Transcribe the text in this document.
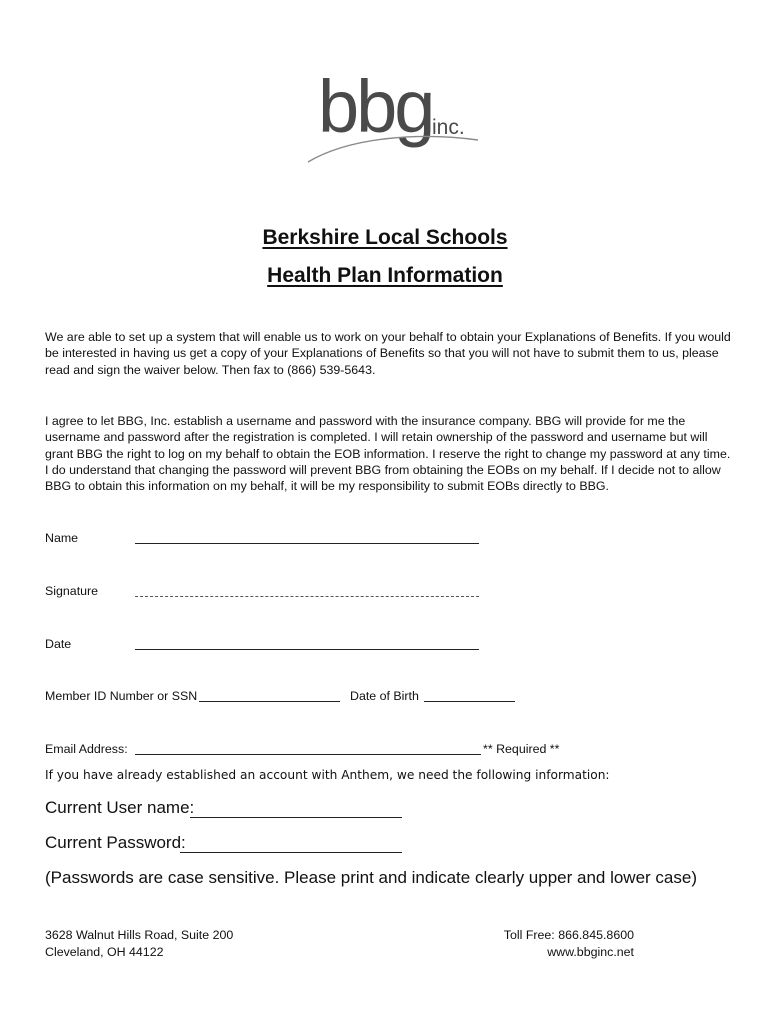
bbg inc.
Berkshire Local Schools
Health Plan Information
We are able to set up a system that will enable us to work on your behalf to obtain your Explanations of Benefits. If you would be interested in having us get a copy of your Explanations of Benefits so that you will not have to submit them to us, please read and sign the waiver below. Then fax to (866) 539-5643.
I agree to let BBG, Inc. establish a username and password with the insurance company. BBG will provide for me the username and password after the registration is completed. I will retain ownership of the password and username but will grant BBG the right to log on my behalf to obtain the EOB information. I reserve the right to change my password at any time. I do understand that changing the password will prevent BBG from obtaining the EOBs on my behalf. If I decide not to allow BBG to obtain this information on my behalf, it will be my responsibility to submit EOBs directly to BBG.
Name
Signature
Date
Member ID Number or SSN	Date of Birth
Email Address:	** Required **
If you have already established an account with Anthem, we need the following information:
Current User name:
Current Password:
(Passwords are case sensitive. Please print and indicate clearly upper and lower case)
3628 Walnut Hills Road, Suite 200
Cleveland, OH 44122
Toll Free: 866.845.8600
www.bbginc.net
